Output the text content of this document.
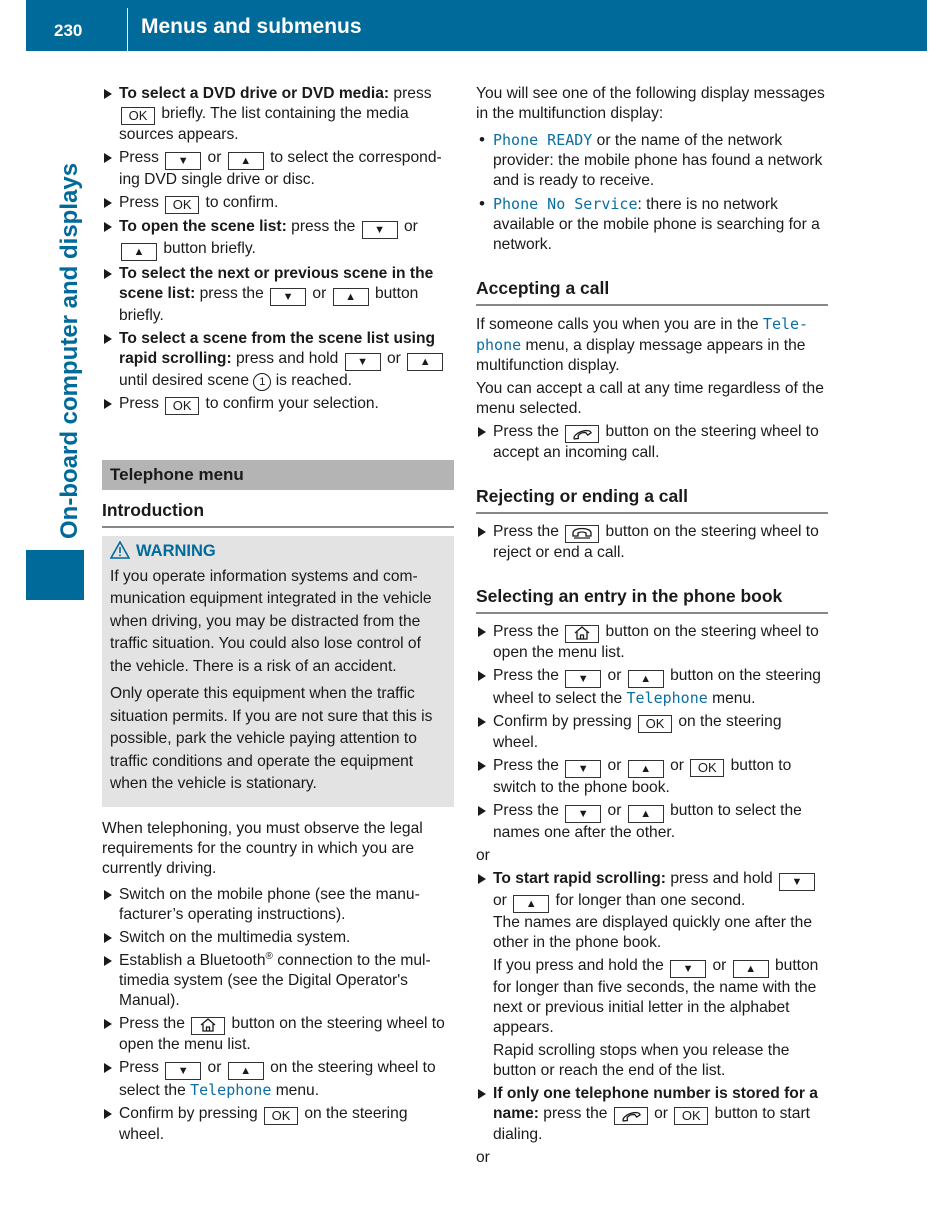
230	Menus and submenus
On-board computer and displays
To select a DVD drive or DVD media: press OK briefly. The list containing the media sources appears.
Press ▼ or ▲ to select the corresponding DVD single drive or disc.
Press OK to confirm.
To open the scene list: press the ▼ or ▲ button briefly.
To select the next or previous scene in the scene list: press the ▼ or ▲ button briefly.
To select a scene from the scene list using rapid scrolling: press and hold ▼ or ▲ until desired scene 1 is reached.
Press OK to confirm your selection.
Telephone menu
Introduction
WARNING

If you operate information systems and communication equipment integrated in the vehicle when driving, you may be distracted from the traffic situation. You could also lose control of the vehicle. There is a risk of an accident.

Only operate this equipment when the traffic situation permits. If you are not sure that this is possible, park the vehicle paying attention to traffic conditions and operate the equipment when the vehicle is stationary.

When telephoning, you must observe the legal requirements for the country in which you are currently driving.

Switch on the mobile phone (see the manufacturer’s operating instructions).
Switch on the multimedia system.
Establish a Bluetooth® connection to the multimedia system (see the Digital Operator's Manual).
Press the  button on the steering wheel to open the menu list.
Press ▼ or ▲ on the steering wheel to select the Telephone menu.
Confirm by pressing OK on the steering wheel.

You will see one of the following display messages in the multifunction display:

• Phone READY or the name of the network provider: the mobile phone has found a network and is ready to receive.
• Phone No Service: there is no network available or the mobile phone is searching for a network.
Accepting a call

If someone calls you when you are in the Telephone menu, a display message appears in the multifunction display.

You can accept a call at any time regardless of the menu selected.

Press the  button on the steering wheel to accept an incoming call.
Rejecting or ending a call
Press the  button on the steering wheel to reject or end a call.
Selecting an entry in the phone book
Press the  button on the steering wheel to open the menu list.
Press the ▼ or ▲ button on the steering wheel to select the Telephone menu.
Confirm by pressing OK on the steering wheel.
Press the ▼ or ▲ or OK button to switch to the phone book.
Press the ▼ or ▲ button to select the names one after the other.

or

To start rapid scrolling: press and hold ▼ or ▲ for longer than one second.
The names are displayed quickly one after the other in the phone book.
If you press and hold the ▼ or ▲ button for longer than five seconds, the name with the next or previous initial letter in the alphabet appears.
Rapid scrolling stops when you release the button or reach the end of the list.
If only one telephone number is stored for a name: press the  or OK button to start dialing.

or
